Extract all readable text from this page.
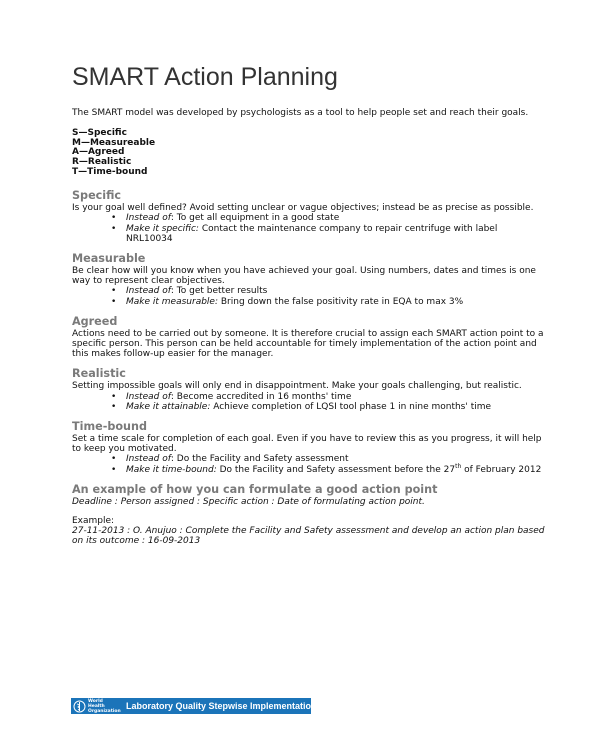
SMART Action Planning

The SMART model was developed by psychologists as a tool to help people set and reach their goals.

S—Specific
M—Measureable
A—Agreed
R—Realistic
T—Time-bound
Specific

Is your goal well defined? Avoid setting unclear or vague objectives; instead be as precise as possible.

• Instead of: To get all equipment in a good state
• Make it specific: Contact the maintenance company to repair centrifuge with label NRL10034
Measurable

Be clear how will you know when you have achieved your goal. Using numbers, dates and times is one way to represent clear objectives.

• Instead of: To get better results
• Make it measurable: Bring down the false positivity rate in EQA to max 3%
Agreed

Actions need to be carried out by someone. It is therefore crucial to assign each SMART action point to a specific person. This person can be held accountable for timely implementation of the action point and this makes follow-up easier for the manager.

Realistic

Setting impossible goals will only end in disappointment. Make your goals challenging, but realistic.

• Instead of: Become accredited in 16 months' time
• Make it attainable: Achieve completion of LQSI tool phase 1 in nine months' time
Time-bound

Set a time scale for completion of each goal. Even if you have to review this as you progress, it will help to keep you motivated.

• Instead of: Do the Facility and Safety assessment
• Make it time-bound: Do the Facility and Safety assessment before the 27th of February 2012
An example of how you can formulate a good action point

Deadline : Person assigned : Specific action : Date of formulating action point.

Example:

27-11-2013 : O. Anujuo : Complete the Facility and Safety assessment and develop an action plan based on its outcome : 16-09-2013

World Health Organization Laboratory Quality Stepwise Implementation tool
